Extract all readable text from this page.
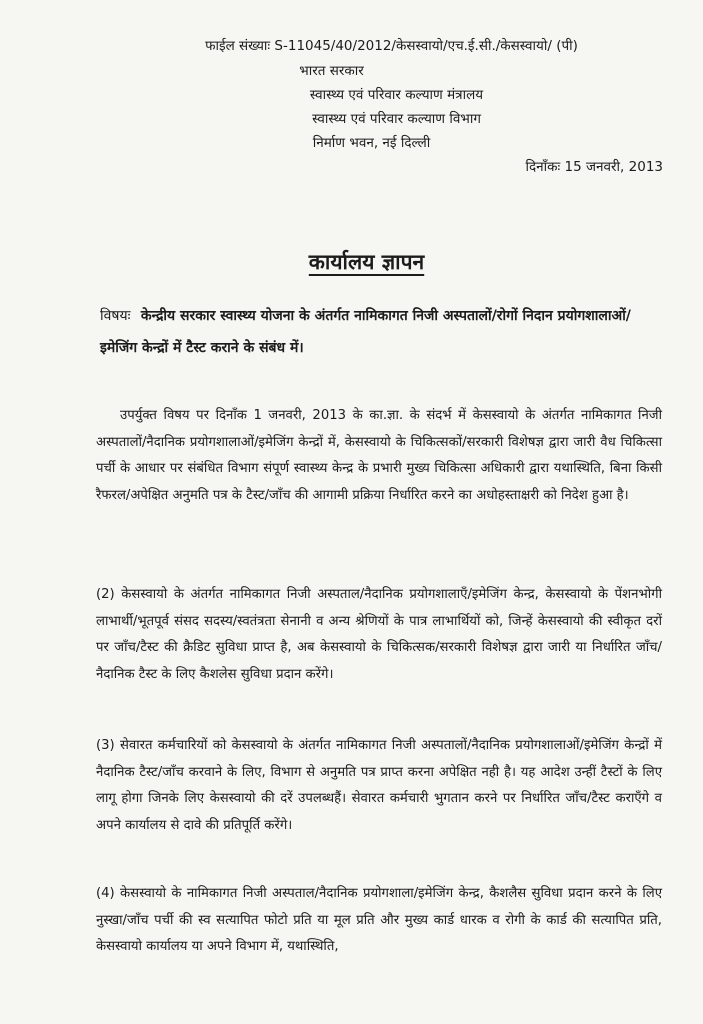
फाईल संख्याः S-11045/40/2012/केसस्वायो/एच.ई.सी./केसस्वायो/ (पी)
भारत सरकार
स्वास्थ्य एवं परिवार कल्याण मंत्रालय
स्वास्थ्य एवं परिवार कल्याण विभाग
निर्माण भवन, नई दिल्ली
दिनाँकः 15 जनवरी, 2013
कार्यालय ज्ञापन
विषयः केन्द्रीय सरकार स्वास्थ्य योजना के अंतर्गत नामिकागत निजी अस्पतालों/रोगों निदान प्रयोगशालाओं/इमेजिंग केन्द्रों में टैस्ट कराने के संबंध में।
उपर्युक्त विषय पर दिनाँक 1 जनवरी, 2013 के का.ज्ञा. के संदर्भ में केसस्वायो के अंतर्गत नामिकागत निजी अस्पतालों/नैदानिक प्रयोगशालाओं/इमेजिंग केन्द्रों में, केसस्वायो के चिकित्सकों/सरकारी विशेषज्ञ द्वारा जारी वैध चिकित्सा पर्ची के आधार पर संबंधित विभाग संपूर्ण स्वास्थ्य केन्द्र के प्रभारी मुख्य चिकित्सा अधिकारी द्वारा यथास्थिति, बिना किसी रैफरल/अपेक्षित अनुमति पत्र के टैस्ट/जाँच की आगामी प्रक्रिया निर्धारित करने का अधोहस्ताक्षरी को निदेश हुआ है।
(2) केसस्वायो के अंतर्गत नामिकागत निजी अस्पताल/नैदानिक प्रयोगशालाएँ/इमेजिंग केन्द्र, केसस्वायो के पेंशनभोगी लाभार्थी/भूतपूर्व संसद सदस्य/स्वतंत्रता सेनानी व अन्य श्रेणियों के पात्र लाभार्थियों को, जिन्हें केसस्वायो की स्वीकृत दरों पर जाँच/टैस्ट की क्रैडिट सुविधा प्राप्त है, अब केसस्वायो के चिकित्सक/सरकारी विशेषज्ञ द्वारा जारी या निर्धारित जाँच/नैदानिक टैस्ट के लिए कैशलेस सुविधा प्रदान करेंगे।
(3) सेवारत कर्मचारियों को केसस्वायो के अंतर्गत नामिकागत निजी अस्पतालों/नैदानिक प्रयोगशालाओं/इमेजिंग केन्द्रों में नैदानिक टैस्ट/जाँच करवाने के लिए, विभाग से अनुमति पत्र प्राप्त करना अपेक्षित नही है। यह आदेश उन्हीं टैस्टों के लिए लागू होगा जिनके लिए केसस्वायो की दरें उपलब्धहैं। सेवारत कर्मचारी भुगतान करने पर निर्धारित जाँच/टैस्ट कराएँगे व अपने कार्यालय से दावे की प्रतिपूर्ति करेंगे।
(4) केसस्वायो के नामिकागत निजी अस्पताल/नैदानिक प्रयोगशाला/इमेजिंग केन्द्र, कैशलैस सुविधा प्रदान करने के लिए नुस्खा/जाँच पर्ची की स्व सत्यापित फोटो प्रति या मूल प्रति और मुख्य कार्ड धारक व रोगी के कार्ड की सत्यापित प्रति, केसस्वायो कार्यालय या अपने विभाग में, यथास्थिति,
